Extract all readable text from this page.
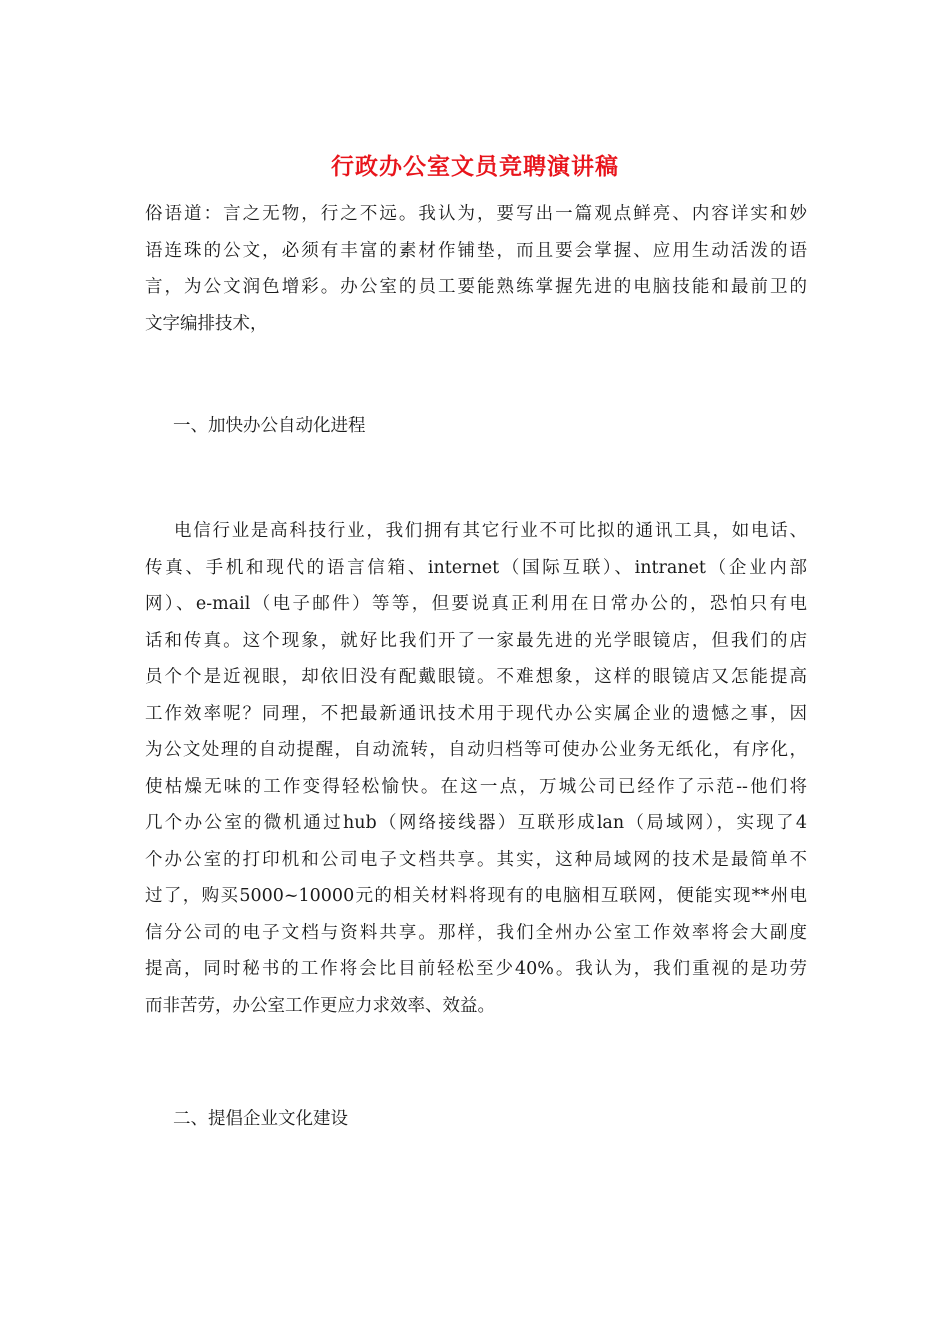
行政办公室文员竞聘演讲稿
俗语道：言之无物，行之不远。我认为，要写出一篇观点鲜亮、内容详实和妙
语连珠的公文，必须有丰富的素材作铺垫，而且要会掌握、应用生动活泼的语
言，为公文润色增彩。办公室的员工要能熟练掌握先进的电脑技能和最前卫的
文字编排技术，
一、加快办公自动化进程
电信行业是高科技行业，我们拥有其它行业不可比拟的通讯工具，如电话、
传真、手机和现代的语言信箱、internet（国际互联）、intranet（企业内部
网）、e-mail（电子邮件）等等，但要说真正利用在日常办公的，恐怕只有电
话和传真。这个现象，就好比我们开了一家最先进的光学眼镜店，但我们的店
员个个是近视眼，却依旧没有配戴眼镜。不难想象，这样的眼镜店又怎能提高
工作效率呢？同理，不把最新通讯技术用于现代办公实属企业的遗憾之事，因
为公文处理的自动提醒，自动流转，自动归档等可使办公业务无纸化，有序化，
使枯燥无味的工作变得轻松愉快。在这一点，万城公司已经作了示范--他们将
几个办公室的微机通过hub（网络接线器）互联形成lan（局域网），实现了4
个办公室的打印机和公司电子文档共享。其实，这种局域网的技术是最简单不
过了，购买5000~10000元的相关材料将现有的电脑相互联网，便能实现**州电
信分公司的电子文档与资料共享。那样，我们全州办公室工作效率将会大副度
提高，同时秘书的工作将会比目前轻松至少40%。我认为，我们重视的是功劳
而非苦劳，办公室工作更应力求效率、效益。
二、提倡企业文化建设
